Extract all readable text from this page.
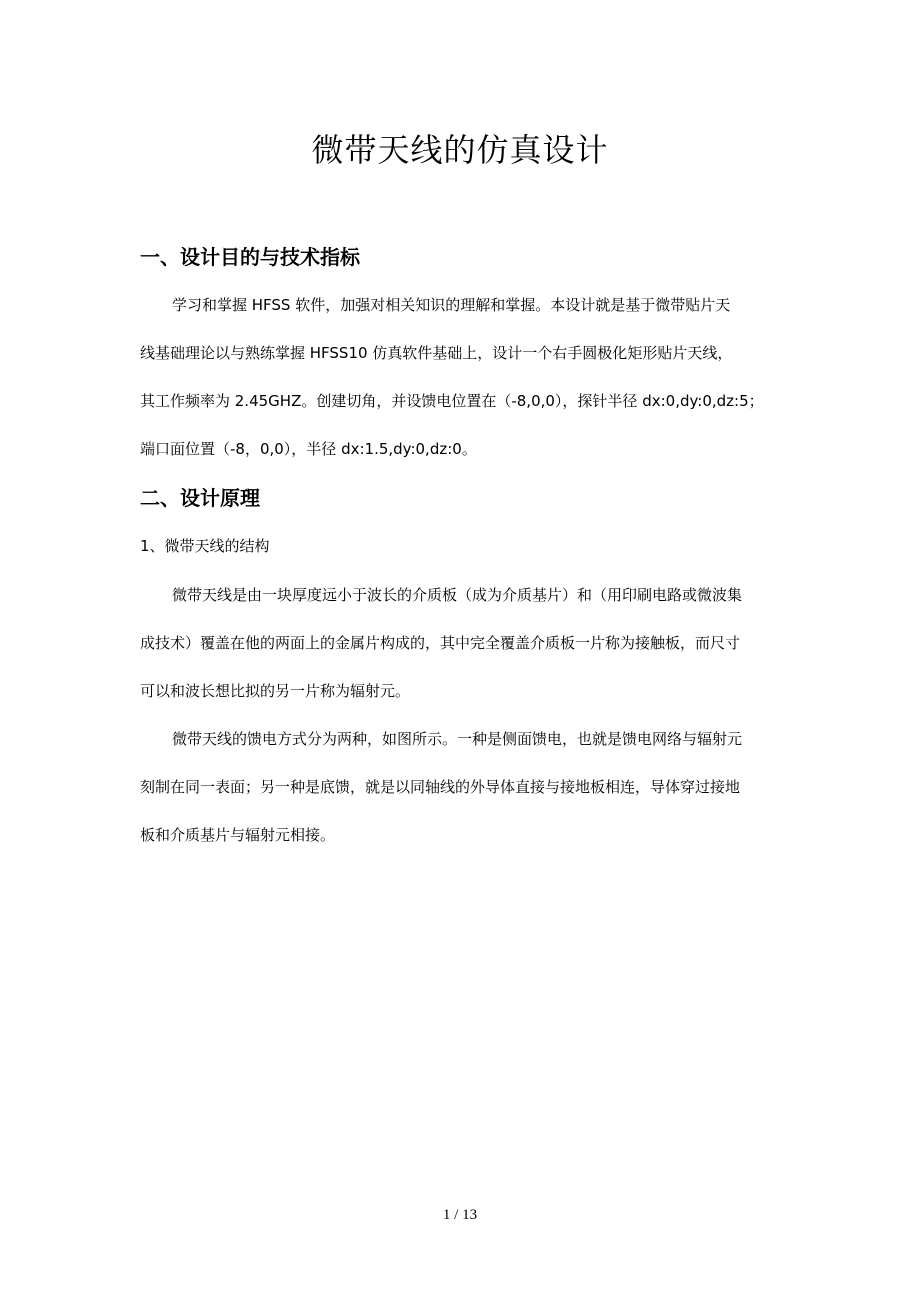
微带天线的仿真设计
一、设计目的与技术指标
学习和掌握 HFSS 软件，加强对相关知识的理解和掌握。本设计就是基于微带贴片天
线基础理论以与熟练掌握 HFSS10 仿真软件基础上，设计一个右手圆极化矩形贴片天线，
其工作频率为 2.45GHZ。创建切角，并设馈电位置在（-8,0,0），探针半径 dx:0,dy:0,dz:5；
端口面位置（-8，0,0），半径 dx:1.5,dy:0,dz:0。
二、设计原理
1、微带天线的结构
微带天线是由一块厚度远小于波长的介质板（成为介质基片）和（用印刷电路或微波集
成技术）覆盖在他的两面上的金属片构成的，其中完全覆盖介质板一片称为接触板，而尺寸
可以和波长想比拟的另一片称为辐射元。
微带天线的馈电方式分为两种，如图所示。一种是侧面馈电，也就是馈电网络与辐射元
刻制在同一表面；另一种是底馈，就是以同轴线的外导体直接与接地板相连，导体穿过接地
板和介质基片与辐射元相接。
1 / 13
